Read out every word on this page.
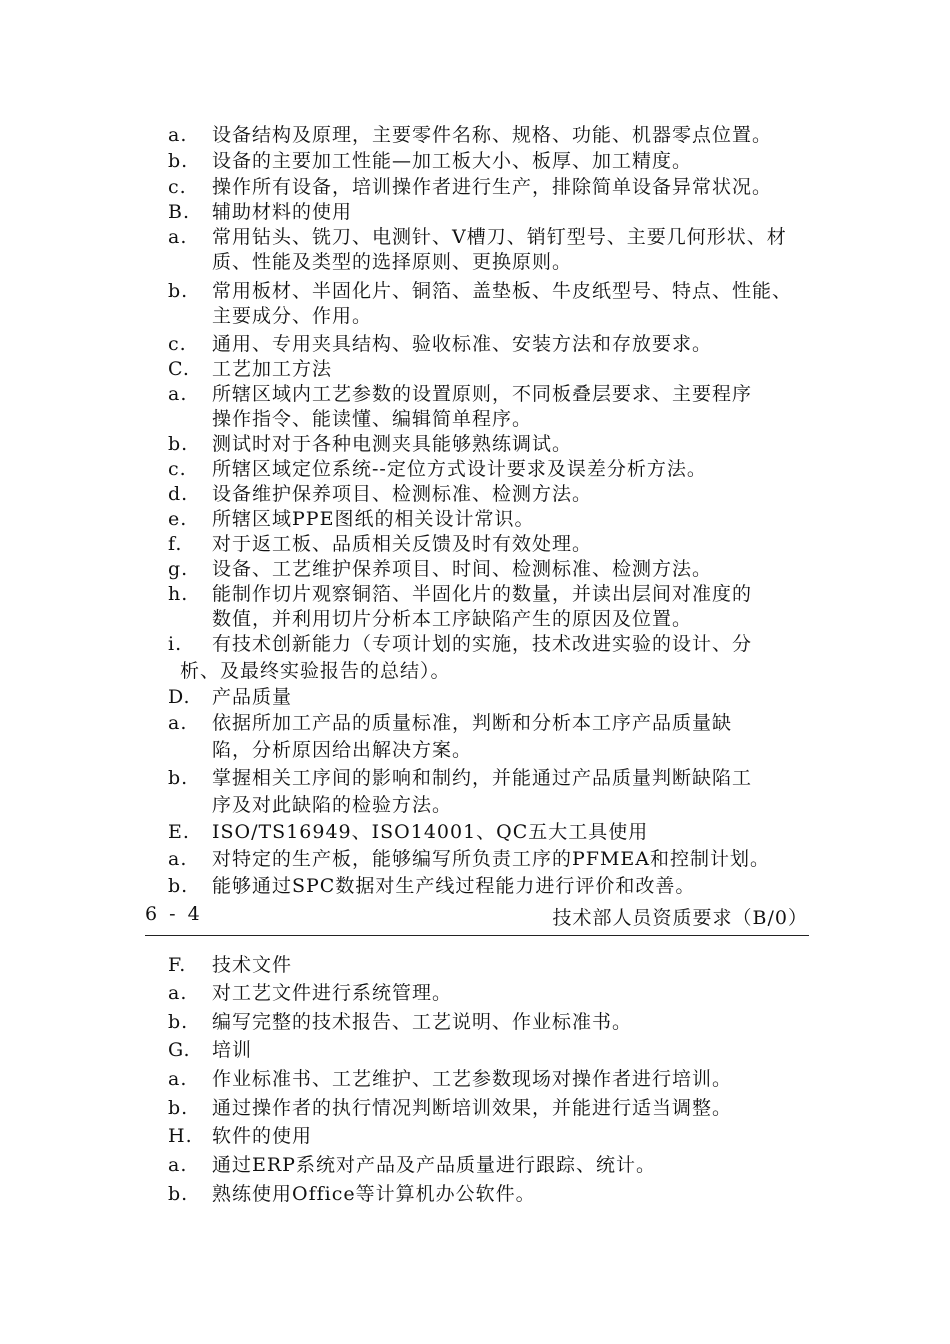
a. 设备结构及原理，主要零件名称、规格、功能、机器零点位置。
b. 设备的主要加工性能—加工板大小、板厚、加工精度。
c. 操作所有设备，培训操作者进行生产，排除简单设备异常状况。
B. 辅助材料的使用
a. 常用钻头、铣刀、电测针、V槽刀、销钉型号、主要几何形状、材
质、性能及类型的选择原则、更换原则。
b. 常用板材、半固化片、铜箔、盖垫板、牛皮纸型号、特点、性能、
主要成分、作用。
c. 通用、专用夹具结构、验收标准、安装方法和存放要求。
C. 工艺加工方法
a. 所辖区域内工艺参数的设置原则，不同板叠层要求、主要程序
操作指令、能读懂、编辑简单程序。
b. 测试时对于各种电测夹具能够熟练调试。
c. 所辖区域定位系统--定位方式设计要求及误差分析方法。
d. 设备维护保养项目、检测标准、检测方法。
e. 所辖区域PPE图纸的相关设计常识。
f. 对于返工板、品质相关反馈及时有效处理。
g. 设备、工艺维护保养项目、时间、检测标准、检测方法。
h. 能制作切片观察铜箔、半固化片的数量，并读出层间对准度的
数值，并利用切片分析本工序缺陷产生的原因及位置。
i. 有技术创新能力（专项计划的实施，技术改进实验的设计、分
析、及最终实验报告的总结）。
D. 产品质量
a. 依据所加工产品的质量标准，判断和分析本工序产品质量缺
陷，分析原因给出解决方案。
b. 掌握相关工序间的影响和制约，并能通过产品质量判断缺陷工
序及对此缺陷的检验方法。
E. ISO/TS16949、ISO14001、QC五大工具使用
a. 对特定的生产板，能够编写所负责工序的PFMEA和控制计划。
b. 能够通过SPC数据对生产线过程能力进行评价和改善。
6 - 4	技术部人员资质要求（B/0）
F. 技术文件
a. 对工艺文件进行系统管理。
b. 编写完整的技术报告、工艺说明、作业标准书。
G. 培训
a. 作业标准书、工艺维护、工艺参数现场对操作者进行培训。
b. 通过操作者的执行情况判断培训效果，并能进行适当调整。
H. 软件的使用
a. 通过ERP系统对产品及产品质量进行跟踪、统计。
b. 熟练使用Office等计算机办公软件。
